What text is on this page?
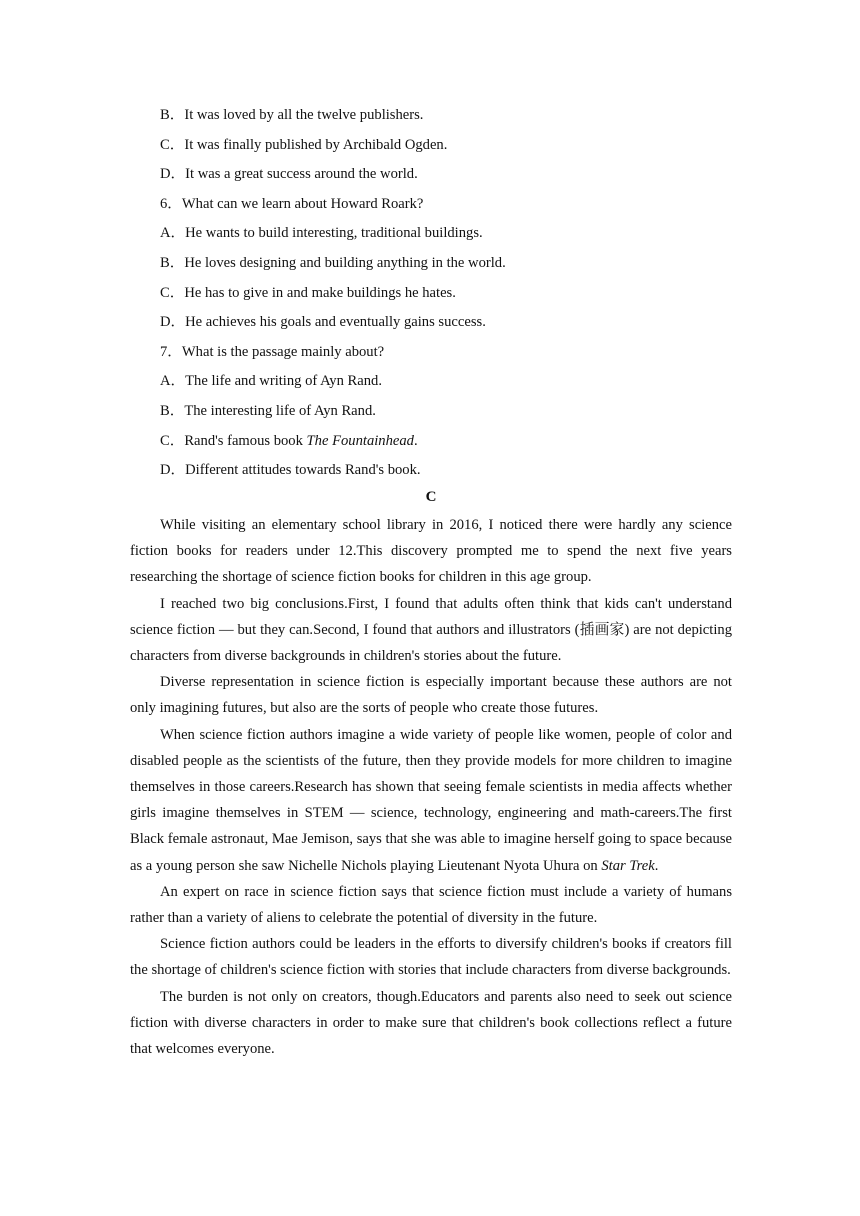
B．It was loved by all the twelve publishers.
C．It was finally published by Archibald Ogden.
D．It was a great success around the world.
6．What can we learn about Howard Roark?
A．He wants to build interesting, traditional buildings.
B．He loves designing and building anything in the world.
C．He has to give in and make buildings he hates.
D．He achieves his goals and eventually gains success.
7．What is the passage mainly about?
A．The life and writing of Ayn Rand.
B．The interesting life of Ayn Rand.
C．Rand's famous book The Fountainhead.
D．Different attitudes towards Rand's book.
C

While visiting an elementary school library in 2016, I noticed there were hardly any science fiction books for readers under 12.This discovery prompted me to spend the next five years researching the shortage of science fiction books for children in this age group.

I reached two big conclusions.First, I found that adults often think that kids can't understand science fiction — but they can.Second, I found that authors and illustrators (插画家) are not depicting characters from diverse backgrounds in children's stories about the future.

Diverse representation in science fiction is especially important because these authors are not only imagining futures, but also are the sorts of people who create those futures.

When science fiction authors imagine a wide variety of people like women, people of color and disabled people as the scientists of the future, then they provide models for more children to imagine themselves in those careers.Research has shown that seeing female scientists in media affects whether girls imagine themselves in STEM — science, technology, engineering and math-careers.The first Black female astronaut, Mae Jemison, says that she was able to imagine herself going to space because as a young person she saw Nichelle Nichols playing Lieutenant Nyota Uhura on Star Trek.

An expert on race in science fiction says that science fiction must include a variety of humans rather than a variety of aliens to celebrate the potential of diversity in the future.

Science fiction authors could be leaders in the efforts to diversify children's books if creators fill the shortage of children's science fiction with stories that include characters from diverse backgrounds.

The burden is not only on creators, though.Educators and parents also need to seek out science fiction with diverse characters in order to make sure that children's book collections reflect a future that welcomes everyone.
